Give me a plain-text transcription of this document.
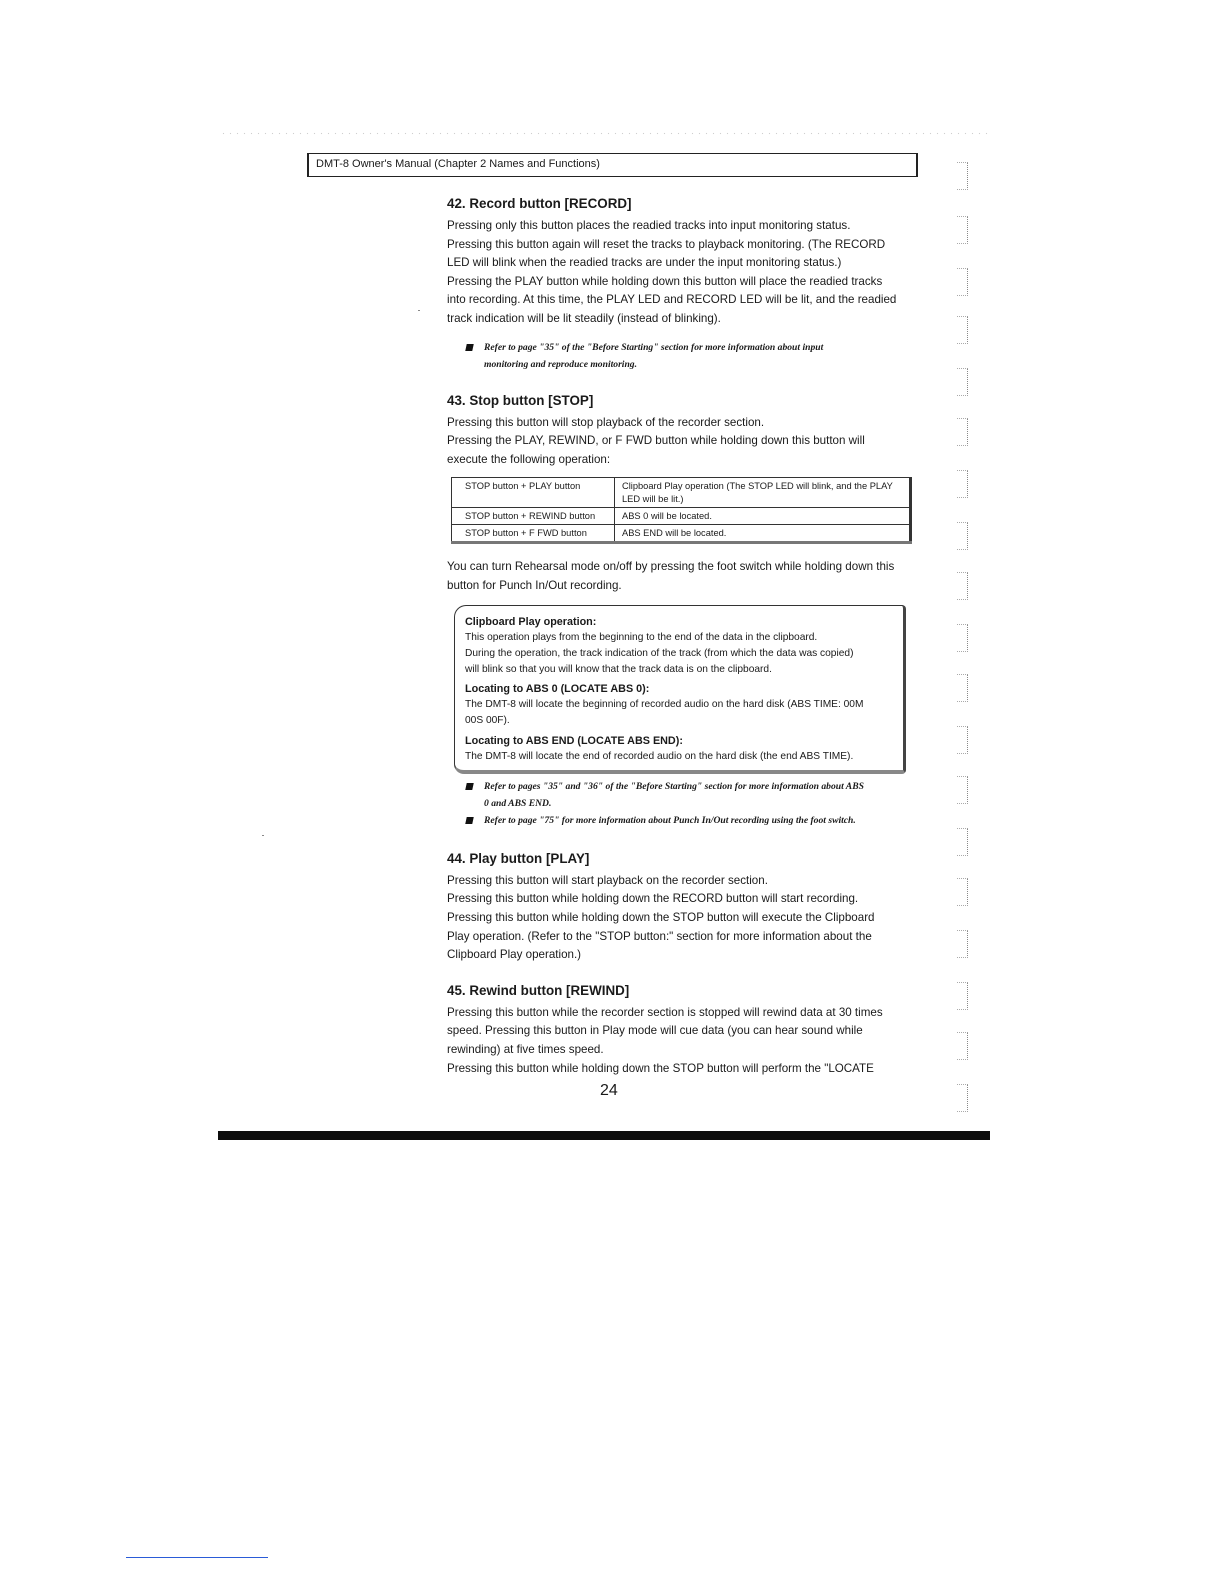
DMT-8 Owner's Manual (Chapter 2 Names and Functions)
42. Record button [RECORD]

Pressing only this button places the readied tracks into input monitoring status.

Pressing this button again will reset the tracks to playback monitoring. (The RECORD

LED will blink when the readied tracks are under the input monitoring status.)

Pressing the PLAY button while holding down this button will place the readied tracks

into recording. At this time, the PLAY LED and RECORD LED will be lit, and the readied

track indication will be lit steadily (instead of blinking).

Refer to page "35" of the "Before Starting" section for more information about input
monitoring and reproduce monitoring.
43. Stop button [STOP]

Pressing this button will stop playback of the recorder section.

Pressing the PLAY, REWIND, or F FWD button while holding down this button will

execute the following operation:

STOP button + PLAY button	Clipboard Play operation (The STOP LED will blink, and the PLAY LED will be lit.)
STOP button + REWIND button	ABS 0 will be located.
STOP button + F FWD button	ABS END will be located.

You can turn Rehearsal mode on/off by pressing the foot switch while holding down this

button for Punch In/Out recording.

Clipboard Play operation:

This operation plays from the beginning to the end of the data in the clipboard.

During the operation, the track indication of the track (from which the data was copied)

will blink so that you will know that the track data is on the clipboard.

Locating to ABS 0 (LOCATE ABS 0):

The DMT-8 will locate the beginning of recorded audio on the hard disk (ABS TIME: 00M

00S 00F).

Locating to ABS END (LOCATE ABS END):

The DMT-8 will locate the end of recorded audio on the hard disk (the end ABS TIME).

Refer to pages "35" and "36" of the "Before Starting" section for more information about ABS
0 and ABS END.
Refer to page "75" for more information about Punch In/Out recording using the foot switch.
44. Play button [PLAY]

Pressing this button will start playback on the recorder section.

Pressing this button while holding down the RECORD button will start recording.

Pressing this button while holding down the STOP button will execute the Clipboard

Play operation. (Refer to the "STOP button:" section for more information about the

Clipboard Play operation.)

45. Rewind button [REWIND]

Pressing this button while the recorder section is stopped will rewind data at 30 times

speed. Pressing this button in Play mode will cue data (you can hear sound while

rewinding) at five times speed.

Pressing this button while holding down the STOP button will perform the "LOCATE

24
